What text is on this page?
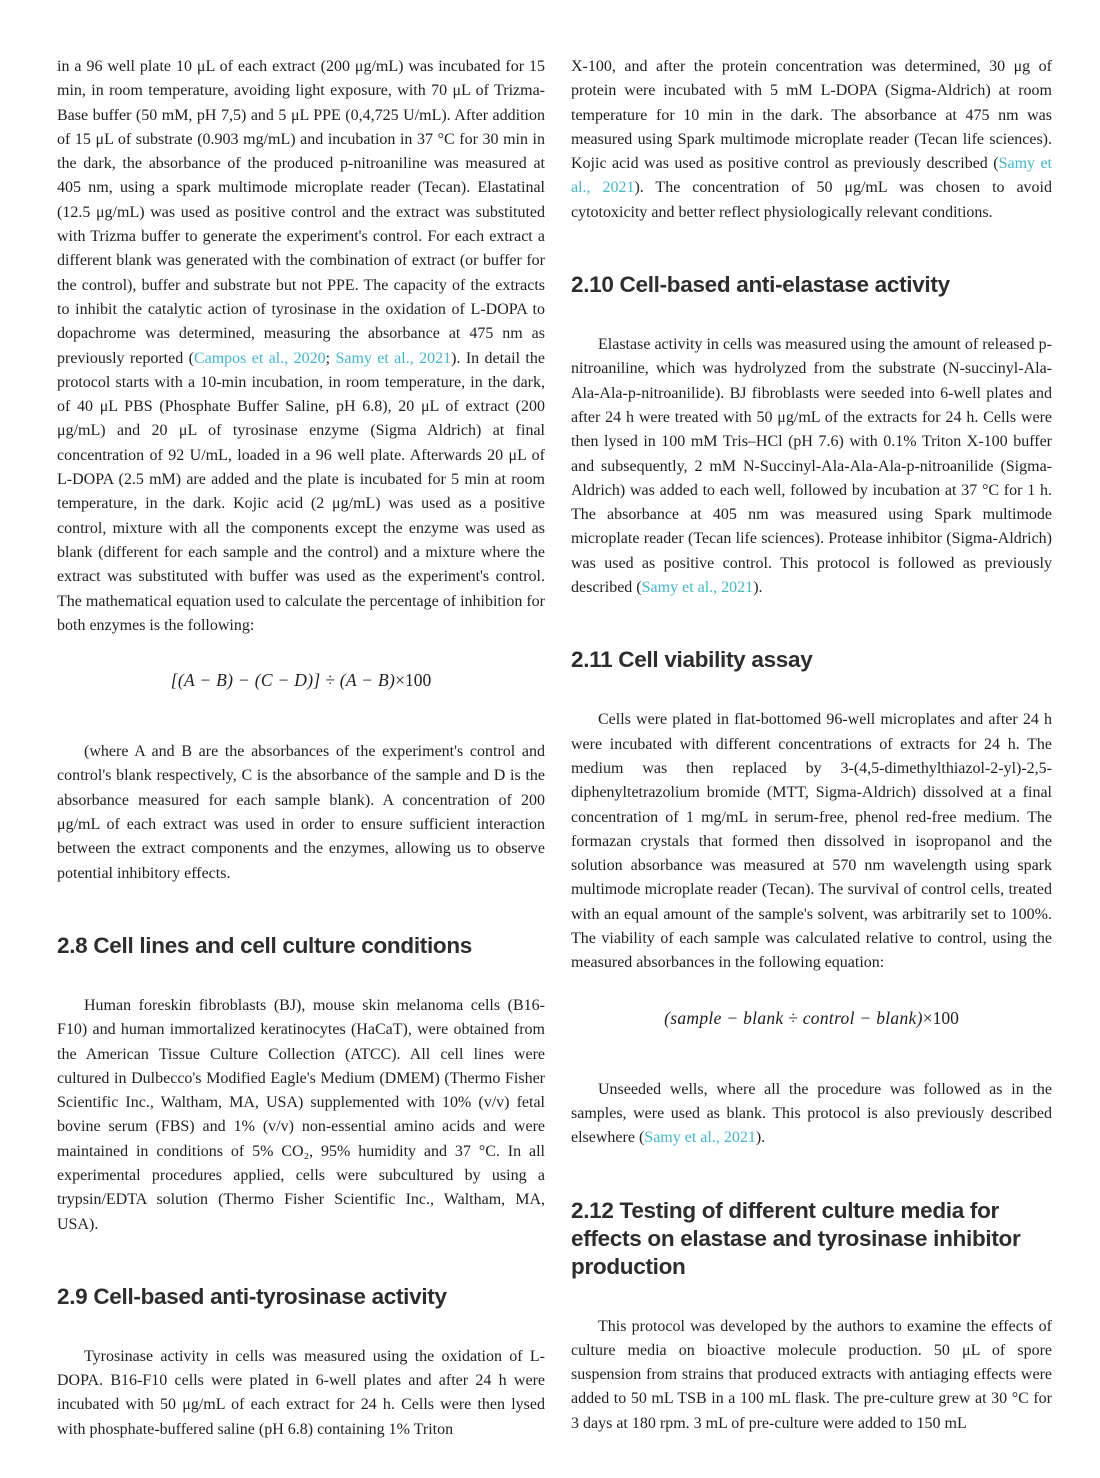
in a 96 well plate 10 μL of each extract (200 μg/mL) was incubated for 15 min, in room temperature, avoiding light exposure, with 70 μL of Trizma-Base buffer (50 mM, pH 7,5) and 5 μL PPE (0,4,725 U/mL). After addition of 15 μL of substrate (0.903 mg/mL) and incubation in 37 °C for 30 min in the dark, the absorbance of the produced p-nitroaniline was measured at 405 nm, using a spark multimode microplate reader (Tecan). Elastatinal (12.5 μg/mL) was used as positive control and the extract was substituted with Trizma buffer to generate the experiment's control. For each extract a different blank was generated with the combination of extract (or buffer for the control), buffer and substrate but not PPE. The capacity of the extracts to inhibit the catalytic action of tyrosinase in the oxidation of L-DOPA to dopachrome was determined, measuring the absorbance at 475 nm as previously reported (Campos et al., 2020; Samy et al., 2021). In detail the protocol starts with a 10-min incubation, in room temperature, in the dark, of 40 μL PBS (Phosphate Buffer Saline, pH 6.8), 20 μL of extract (200 μg/mL) and 20 μL of tyrosinase enzyme (Sigma Aldrich) at final concentration of 92 U/mL, loaded in a 96 well plate. Afterwards 20 μL of L-DOPA (2.5 mM) are added and the plate is incubated for 5 min at room temperature, in the dark. Kojic acid (2 μg/mL) was used as a positive control, mixture with all the components except the enzyme was used as blank (different for each sample and the control) and a mixture where the extract was substituted with buffer was used as the experiment's control. The mathematical equation used to calculate the percentage of inhibition for both enzymes is the following:

[(A − B) − (C − D)] ÷ (A − B)×100

(where A and B are the absorbances of the experiment's control and control's blank respectively, C is the absorbance of the sample and D is the absorbance measured for each sample blank). A concentration of 200 μg/mL of each extract was used in order to ensure sufficient interaction between the extract components and the enzymes, allowing us to observe potential inhibitory effects.

2.8 Cell lines and cell culture conditions

Human foreskin fibroblasts (BJ), mouse skin melanoma cells (B16-F10) and human immortalized keratinocytes (HaCaT), were obtained from the American Tissue Culture Collection (ATCC). All cell lines were cultured in Dulbecco's Modified Eagle's Medium (DMEM) (Thermo Fisher Scientific Inc., Waltham, MA, USA) supplemented with 10% (v/v) fetal bovine serum (FBS) and 1% (v/v) non-essential amino acids and were maintained in conditions of 5% CO₂, 95% humidity and 37 °C. In all experimental procedures applied, cells were subcultured by using a trypsin/EDTA solution (Thermo Fisher Scientific Inc., Waltham, MA, USA).

2.9 Cell-based anti-tyrosinase activity

Tyrosinase activity in cells was measured using the oxidation of L-DOPA. B16-F10 cells were plated in 6-well plates and after 24 h were incubated with 50 μg/mL of each extract for 24 h. Cells were then lysed with phosphate-buffered saline (pH 6.8) containing 1% Triton

X-100, and after the protein concentration was determined, 30 μg of protein were incubated with 5 mM L-DOPA (Sigma-Aldrich) at room temperature for 10 min in the dark. The absorbance at 475 nm was measured using Spark multimode microplate reader (Tecan life sciences). Kojic acid was used as positive control as previously described (Samy et al., 2021). The concentration of 50 μg/mL was chosen to avoid cytotoxicity and better reflect physiologically relevant conditions.

2.10 Cell-based anti-elastase activity

Elastase activity in cells was measured using the amount of released p-nitroaniline, which was hydrolyzed from the substrate (N-succinyl-Ala-Ala-Ala-p-nitroanilide). BJ fibroblasts were seeded into 6-well plates and after 24 h were treated with 50 μg/mL of the extracts for 24 h. Cells were then lysed in 100 mM Tris–HCl (pH 7.6) with 0.1% Triton X-100 buffer and subsequently, 2 mM N-Succinyl-Ala-Ala-Ala-p-nitroanilide (Sigma-Aldrich) was added to each well, followed by incubation at 37 °C for 1 h. The absorbance at 405 nm was measured using Spark multimode microplate reader (Tecan life sciences). Protease inhibitor (Sigma-Aldrich) was used as positive control. This protocol is followed as previously described (Samy et al., 2021).

2.11 Cell viability assay

Cells were plated in flat-bottomed 96-well microplates and after 24 h were incubated with different concentrations of extracts for 24 h. The medium was then replaced by 3-(4,5-dimethylthiazol-2-yl)-2,5-diphenyltetrazolium bromide (MTT, Sigma-Aldrich) dissolved at a final concentration of 1 mg/mL in serum-free, phenol red-free medium. The formazan crystals that formed then dissolved in isopropanol and the solution absorbance was measured at 570 nm wavelength using spark multimode microplate reader (Tecan). The survival of control cells, treated with an equal amount of the sample's solvent, was arbitrarily set to 100%. The viability of each sample was calculated relative to control, using the measured absorbances in the following equation:

(sample − blank ÷ control − blank)×100

Unseeded wells, where all the procedure was followed as in the samples, were used as blank. This protocol is also previously described elsewhere (Samy et al., 2021).

2.12 Testing of different culture media for effects on elastase and tyrosinase inhibitor production

This protocol was developed by the authors to examine the effects of culture media on bioactive molecule production. 50 μL of spore suspension from strains that produced extracts with antiaging effects were added to 50 mL TSB in a 100 mL flask. The pre-culture grew at 30 °C for 3 days at 180 rpm. 3 mL of pre-culture were added to 150 mL
